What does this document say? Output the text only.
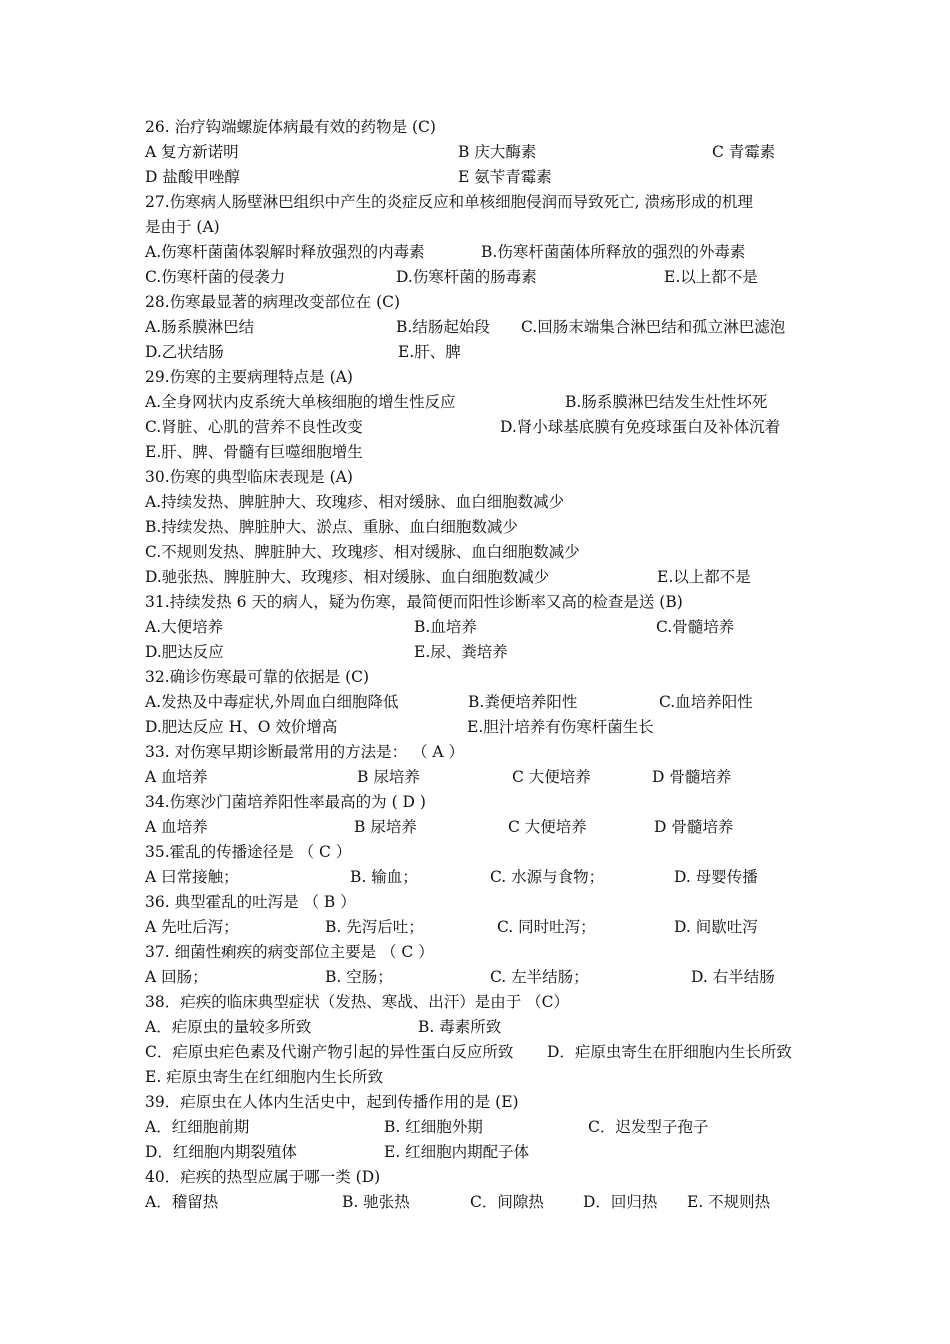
26. 治疗钩端螺旋体病最有效的药物是 (C)
A 复方新诺明	B 庆大酶素	C 青霉素
D 盐酸甲唑醇	E 氨苄青霉素
27.伤寒病人肠壁淋巴组织中产生的炎症反应和单核细胞侵润而导致死亡, 溃疡形成的机理
是由于 (A)
A.伤寒杆菌菌体裂解时释放强烈的内毒素	B.伤寒杆菌菌体所释放的强烈的外毒素
C.伤寒杆菌的侵袭力	D.伤寒杆菌的肠毒素	E.以上都不是
28.伤寒最显著的病理改变部位在 (C)
A.肠系膜淋巴结	B.结肠起始段 C.回肠末端集合淋巴结和孤立淋巴滤泡
D.乙状结肠	E.肝、脾
29.伤寒的主要病理特点是 (A)
A.全身网状内皮系统大单核细胞的增生性反应	B.肠系膜淋巴结发生灶性坏死
C.肾脏、心肌的营养不良性改变	D.肾小球基底膜有免疫球蛋白及补体沉着
E.肝、脾、骨髓有巨噬细胞增生
30.伤寒的典型临床表现是 (A)
A.持续发热、脾脏肿大、玫瑰疹、相对缓脉、血白细胞数减少
B.持续发热、脾脏肿大、淤点、重脉、血白细胞数减少
C.不规则发热、脾脏肿大、玫瑰疹、相对缓脉、血白细胞数减少
D.驰张热、脾脏肿大、玫瑰疹、相对缓脉、血白细胞数减少	E.以上都不是
31.持续发热 6 天的病人，疑为伤寒，最简便而阳性诊断率又高的检查是送 (B)
A.大便培养	B.血培养	C.骨髓培养
D.肥达反应	E.尿、粪培养
32.确诊伤寒最可靠的依据是 (C)
A.发热及中毒症状,外周血白细胞降低	B.粪便培养阳性	C.血培养阳性
D.肥达反应 H、O 效价增高	E.胆汁培养有伤寒杆菌生长
33. 对伤寒早期诊断最常用的方法是： （ A ）
A 血培养	B 尿培养	C 大便培养	D 骨髓培养
34.伤寒沙门菌培养阳性率最高的为 ( D )
A 血培养	B 尿培养	C 大便培养	D 骨髓培养
35.霍乱的传播途径是 （ C ）
A 曰常接触；	B. 输血；	C. 水源与食物；	D. 母婴传播
36. 典型霍乱的吐泻是 （ B ）
A 先吐后泻；	B. 先泻后吐；	C. 同时吐泻；	D. 间歇吐泻
37. 细菌性痢疾的病变部位主要是 （ C ）
A 回肠；	B. 空肠；	C. 左半结肠；	D. 右半结肠
38．疟疾的临床典型症状（发热、寒战、出汗）是由于 （C）
A．疟原虫的量较多所致	B. 毒素所致
C．疟原虫疟色素及代谢产物引起的异性蛋白反应所致 D．疟原虫寄生在肝细胞内生长所致
E. 疟原虫寄生在红细胞内生长所致
39．疟原虫在人体内生活史中，起到传播作用的是 (E)
A．红细胞前期	B. 红细胞外期	C．迟发型子孢子
D．红细胞内期裂殖体	E. 红细胞内期配子体
40．疟疾的热型应属于哪一类 (D)
A．稽留热	B. 驰张热	C．间隙热	D．回归热 E. 不规则热
